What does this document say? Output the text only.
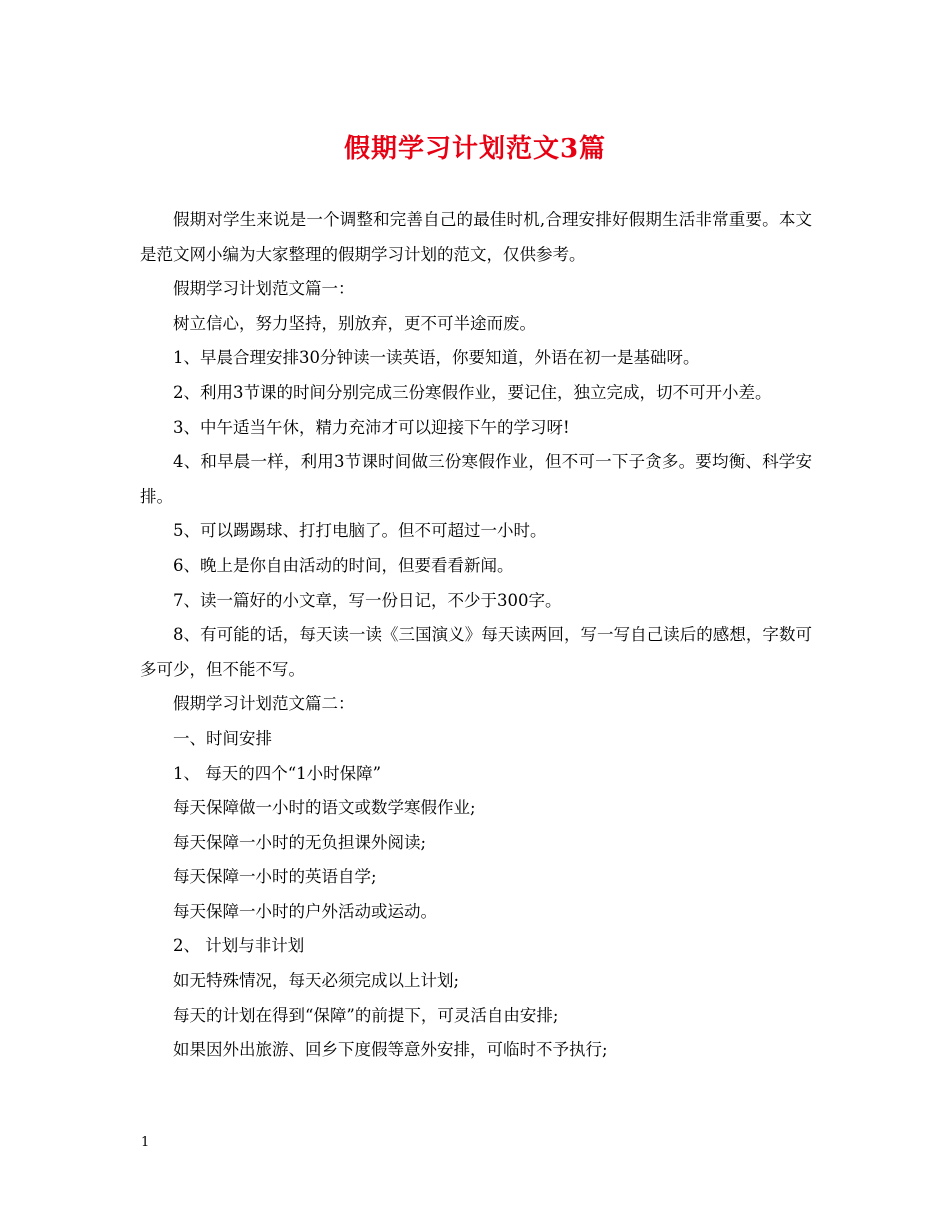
假期学习计划范文3篇

假期对学生来说是一个调整和完善自己的最佳时机,合理安排好假期生活非常重要。本文是范文网小编为大家整理的假期学习计划的范文，仅供参考。

假期学习计划范文篇一：

树立信心，努力坚持，别放弃，更不可半途而废。

1、早晨合理安排30分钟读一读英语，你要知道，外语在初一是基础呀。

2、利用3节课的时间分别完成三份寒假作业，要记住，独立完成，切不可开小差。

3、中午适当午休，精力充沛才可以迎接下午的学习呀!

4、和早晨一样，利用3节课时间做三份寒假作业，但不可一下子贪多。要均衡、科学安排。

5、可以踢踢球、打打电脑了。但不可超过一小时。

6、晚上是你自由活动的时间，但要看看新闻。

7、读一篇好的小文章，写一份日记，不少于300字。

8、有可能的话，每天读一读《三国演义》每天读两回，写一写自己读后的感想，字数可多可少，但不能不写。

假期学习计划范文篇二：

一、时间安排

1、 每天的四个“1小时保障”

每天保障做一小时的语文或数学寒假作业;

每天保障一小时的无负担课外阅读;

每天保障一小时的英语自学;

每天保障一小时的户外活动或运动。

2、 计划与非计划

如无特殊情况，每天必须完成以上计划;

每天的计划在得到“保障”的前提下，可灵活自由安排;

如果因外出旅游、回乡下度假等意外安排，可临时不予执行;

1
